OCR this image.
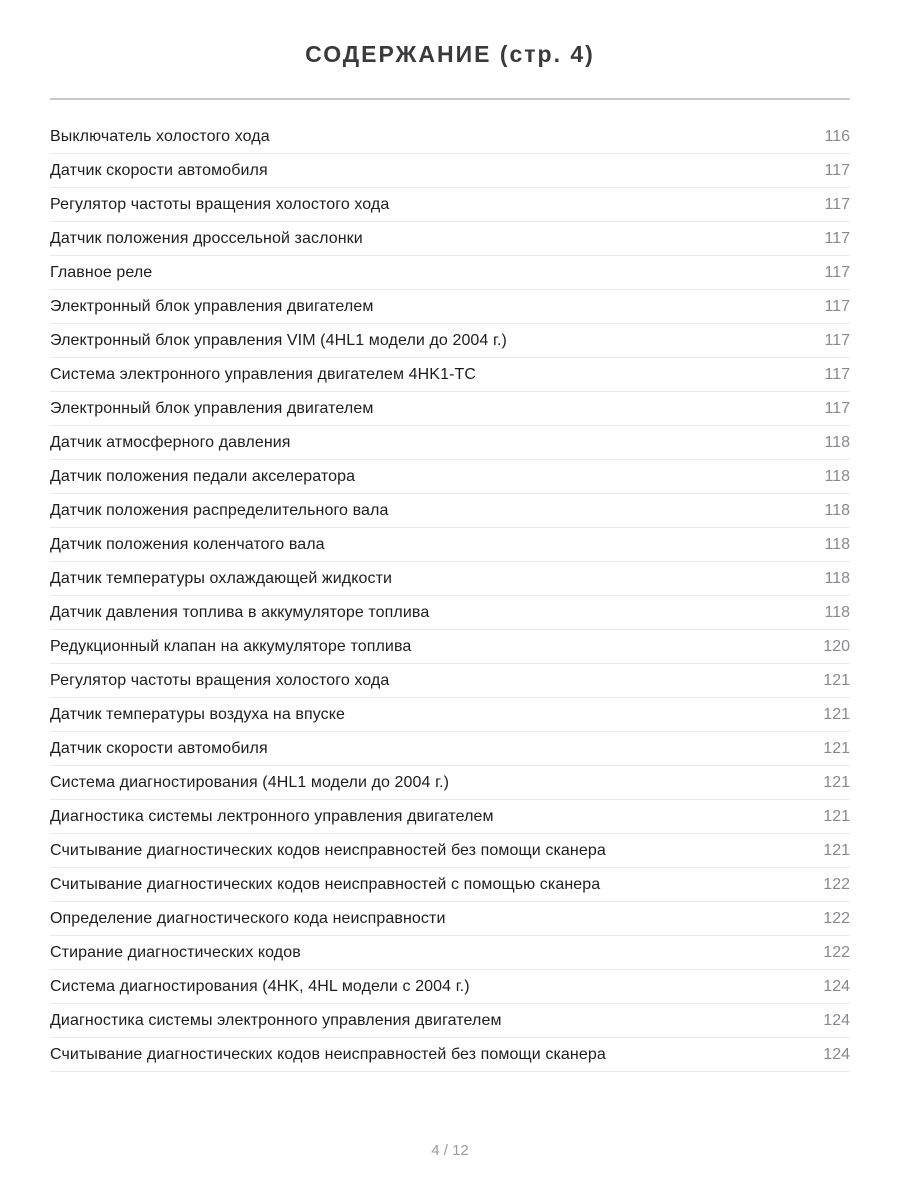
СОДЕРЖАНИЕ (стр. 4)
Выключатель холостого хода	116
Датчик скорости автомобиля	117
Регулятор частоты вращения холостого хода	117
Датчик положения дроссельной заслонки	117
Главное реле	117
Электронный блок управления двигателем	117
Электронный блок управления VIM (4HL1 модели до 2004 г.)	117
Система электронного управления двигателем 4HK1-TC	117
Электронный блок управления двигателем	117
Датчик атмосферного давления	118
Датчик положения педали акселератора	118
Датчик положения распределительного вала	118
Датчик положения коленчатого вала	118
Датчик температуры охлаждающей жидкости	118
Датчик давления топлива в аккумуляторе топлива	118
Редукционный клапан на аккумуляторе топлива	120
Регулятор частоты вращения холостого хода	121
Датчик температуры воздуха на впуске	121
Датчик скорости автомобиля	121
Система диагностирования (4HL1 модели до 2004 г.)	121
Диагностика системы лектронного управления двигателем	121
Считывание диагностических кодов неисправностей без помощи сканера	121
Считывание диагностических кодов неисправностей с помощью сканера	122
Определение диагностического кода неисправности	122
Стирание диагностических кодов	122
Система диагностирования (4HK, 4HL модели с 2004 г.)	124
Диагностика системы электронного управления двигателем	124
Считывание диагностических кодов неисправностей без помощи сканера	124
4 / 12
